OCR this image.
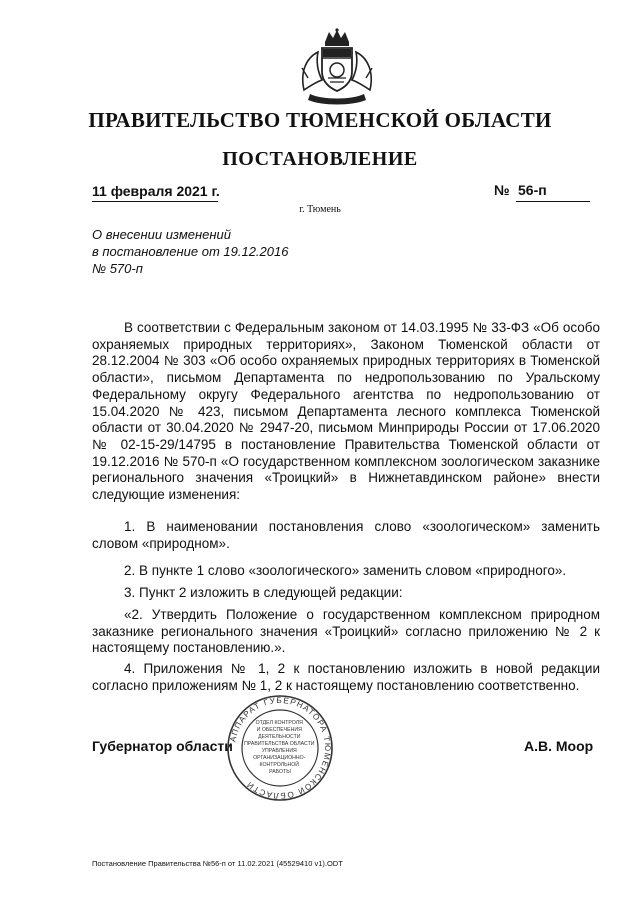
ПРАВИТЕЛЬСТВО ТЮМЕНСКОЙ ОБЛАСТИ
ПОСТАНОВЛЕНИЕ
11 февраля 2021 г.	№ 56-п
г. Тюмень
О внесении изменений
в постановление от 19.12.2016
№ 570-п
В соответствии с Федеральным законом от 14.03.1995 № 33-ФЗ «Об особо охраняемых природных территориях», Законом Тюменской области от 28.12.2004 № 303 «Об особо охраняемых природных территориях в Тюменской области», письмом Департамента по недропользованию по Уральскому Федеральному округу Федерального агентства по недропользованию от 15.04.2020 № 423, письмом Департамента лесного комплекса Тюменской области от 30.04.2020 № 2947-20, письмом Минприроды России от 17.06.2020 № 02-15-29/14795 в постановление Правительства Тюменской области от 19.12.2016 № 570-п «О государственном комплексном зоологическом заказнике регионального значения «Троицкий» в Нижнетавдинском районе» внести следующие изменения:
1. В наименовании постановления слово «зоологическом» заменить словом «природном».
2. В пункте 1 слово «зоологического» заменить словом «природного».
3. Пункт 2 изложить в следующей редакции:
«2. Утвердить Положение о государственном комплексном природном заказнике регионального значения «Троицкий» согласно приложению № 2 к настоящему постановлению.».
4. Приложения № 1, 2 к постановлению изложить в новой редакции согласно приложениям № 1, 2 к настоящему постановлению соответственно.
Губернатор области	А.В. Моор
АППАРАТ ГУБЕРНАТОРА ТЮМЕНСКОЙ ОБЛАСТИ
ОТДЕЛ КОНТРОЛЯ И ОБЕСПЕЧЕНИЯ ДЕЯТЕЛЬНОСТИ ПРАВИТЕЛЬСТВА ОБЛАСТИ УПРАВЛЕНИЯ ОРГАНИЗАЦИОННО- КОНТРОЛЬНОЙ РАБОТЫ
Постановление Правительства №56-п от 11.02.2021 (45529410 v1).ODT
